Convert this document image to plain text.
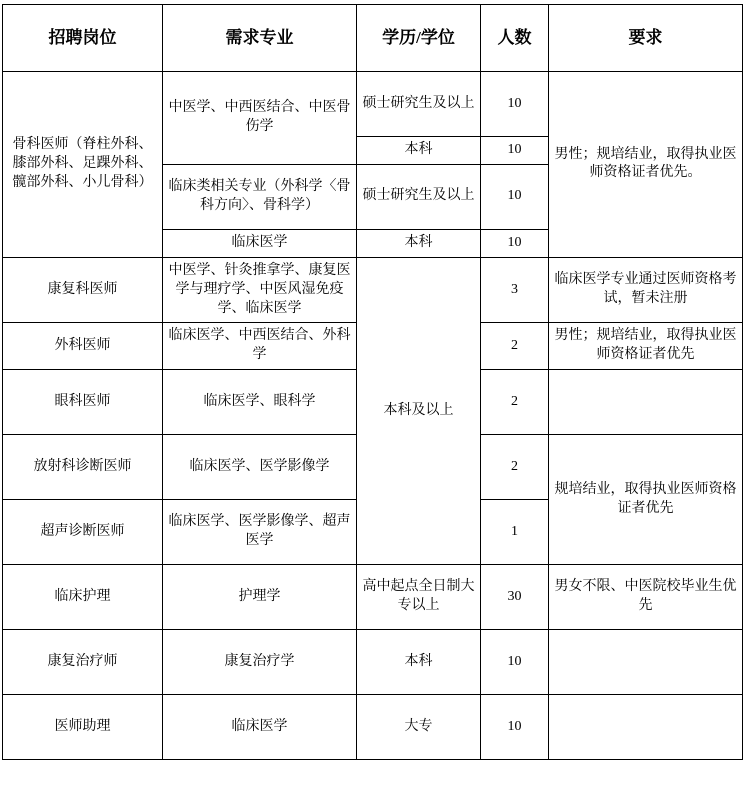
招聘岗位	需求专业	学历/学位	人数	要求
骨科医师（脊柱外科、膝部外科、足踝外科、髋部外科、小儿骨科）	中医学、中西医结合、中医骨伤学	硕士研究生及以上	10	男性；规培结业，取得执业医师资格证者优先。
		本科	10	
	临床类相关专业（外科学〈骨科方向〉、骨科学）	硕士研究生及以上	10	
	临床医学	本科	10	
康复科医师	中医学、针灸推拿学、康复医学与理疗学、中医风湿免疫学、临床医学	本科及以上	3	临床医学专业通过医师资格考试，暂未注册
外科医师	临床医学、中西医结合、外科学		2	男性；规培结业，取得执业医师资格证者优先
眼科医师	临床医学、眼科学		2	
放射科诊断医师	临床医学、医学影像学		2	规培结业，取得执业医师资格证者优先
超声诊断医师	临床医学、医学影像学、超声医学		1	
临床护理	护理学	高中起点全日制大专以上	30	男女不限、中医院校毕业生优先
康复治疗师	康复治疗学	本科	10	
医师助理	临床医学	大专	10	
